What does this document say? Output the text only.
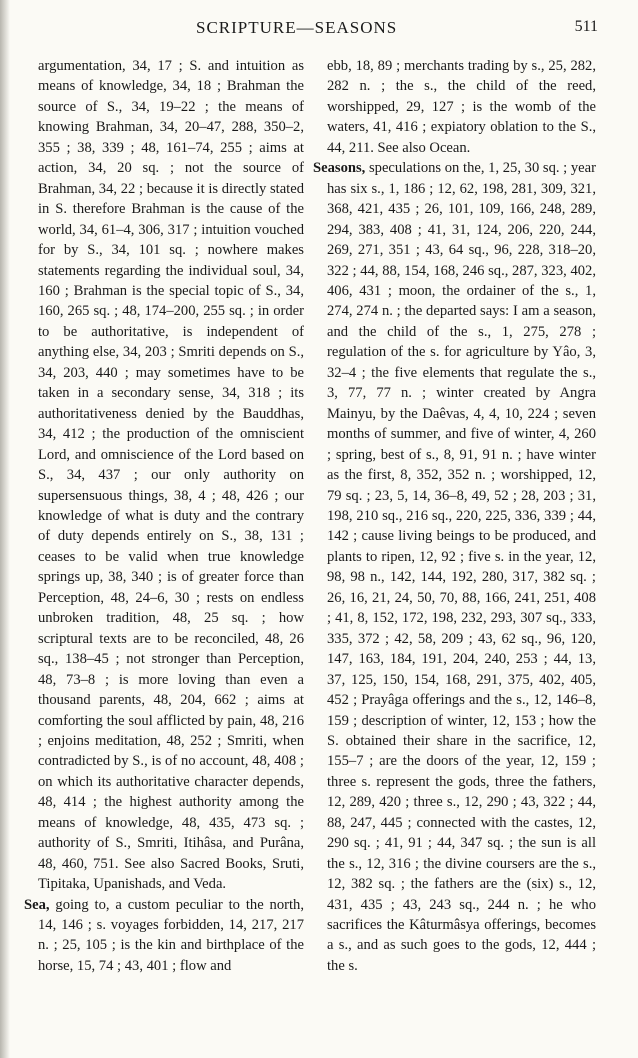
SCRIPTURE—SEASONS	511

argumentation, 34, 17 ; S. and intuition as means of knowledge, 34, 18 ; Brahman the source of S., 34, 19–22 ; the means of knowing Brahman, 34, 20–47, 288, 350–2, 355 ; 38, 339 ; 48, 161–74, 255 ; aims at action, 34, 20 sq. ; not the source of Brahman, 34, 22 ; because it is directly stated in S. therefore Brahman is the cause of the world, 34, 61–4, 306, 317 ; intuition vouched for by S., 34, 101 sq. ; nowhere makes statements regarding the individual soul, 34, 160 ; Brahman is the special topic of S., 34, 160, 265 sq. ; 48, 174–200, 255 sq. ; in order to be authoritative, is independent of anything else, 34, 203 ; Smriti depends on S., 34, 203, 440 ; may sometimes have to be taken in a secondary sense, 34, 318 ; its authoritativeness denied by the Bauddhas, 34, 412 ; the production of the omniscient Lord, and omniscience of the Lord based on S., 34, 437 ; our only authority on supersensuous things, 38, 4 ; 48, 426 ; our knowledge of what is duty and the contrary of duty depends entirely on S., 38, 131 ; ceases to be valid when true knowledge springs up, 38, 340 ; is of greater force than Perception, 48, 24–6, 30 ; rests on endless unbroken tradition, 48, 25 sq. ; how scriptural texts are to be reconciled, 48, 26 sq., 138–45 ; not stronger than Perception, 48, 73–8 ; is more loving than even a thousand parents, 48, 204, 662 ; aims at comforting the soul afflicted by pain, 48, 216 ; enjoins meditation, 48, 252 ; Smriti, when contradicted by S., is of no account, 48, 408 ; on which its authoritative character depends, 48, 414 ; the highest authority among the means of knowledge, 48, 435, 473 sq. ; authority of S., Smriti, Itihâsa, and Purâna, 48, 460, 751. See also Sacred Books, Sruti, Tipitaka, Upanishads, and Veda.

Sea, going to, a custom peculiar to the north, 14, 146 ; s. voyages forbidden, 14, 217, 217 n. ; 25, 105 ; is the kin and birthplace of the horse, 15, 74 ; 43, 401 ; flow and

ebb, 18, 89 ; merchants trading by s., 25, 282, 282 n. ; the s., the child of the reed, worshipped, 29, 127 ; is the womb of the waters, 41, 416 ; expiatory oblation to the S., 44, 211. See also Ocean.

Seasons, speculations on the, 1, 25, 30 sq. ; year has six s., 1, 186 ; 12, 62, 198, 281, 309, 321, 368, 421, 435 ; 26, 101, 109, 166, 248, 289, 294, 383, 408 ; 41, 31, 124, 206, 220, 244, 269, 271, 351 ; 43, 64 sq., 96, 228, 318–20, 322 ; 44, 88, 154, 168, 246 sq., 287, 323, 402, 406, 431 ; moon, the ordainer of the s., 1, 274, 274 n. ; the departed says: I am a season, and the child of the s., 1, 275, 278 ; regulation of the s. for agriculture by Yâo, 3, 32–4 ; the five elements that regulate the s., 3, 77, 77 n. ; winter created by Angra Mainyu, by the Daêvas, 4, 4, 10, 224 ; seven months of summer, and five of winter, 4, 260 ; spring, best of s., 8, 91, 91 n. ; have winter as the first, 8, 352, 352 n. ; worshipped, 12, 79 sq. ; 23, 5, 14, 36–8, 49, 52 ; 28, 203 ; 31, 198, 210 sq., 216 sq., 220, 225, 336, 339 ; 44, 142 ; cause living beings to be produced, and plants to ripen, 12, 92 ; five s. in the year, 12, 98, 98 n., 142, 144, 192, 280, 317, 382 sq. ; 26, 16, 21, 24, 50, 70, 88, 166, 241, 251, 408 ; 41, 8, 152, 172, 198, 232, 293, 307 sq., 333, 335, 372 ; 42, 58, 209 ; 43, 62 sq., 96, 120, 147, 163, 184, 191, 204, 240, 253 ; 44, 13, 37, 125, 150, 154, 168, 291, 375, 402, 405, 452 ; Prayâga offerings and the s., 12, 146–8, 159 ; description of winter, 12, 153 ; how the S. obtained their share in the sacrifice, 12, 155–7 ; are the doors of the year, 12, 159 ; three s. represent the gods, three the fathers, 12, 289, 420 ; three s., 12, 290 ; 43, 322 ; 44, 88, 247, 445 ; connected with the castes, 12, 290 sq. ; 41, 91 ; 44, 347 sq. ; the sun is all the s., 12, 316 ; the divine coursers are the s., 12, 382 sq. ; the fathers are the (six) s., 12, 431, 435 ; 43, 243 sq., 244 n. ; he who sacrifices the Kâturmâsya offerings, becomes a s., and as such goes to the gods, 12, 444 ; the s.
